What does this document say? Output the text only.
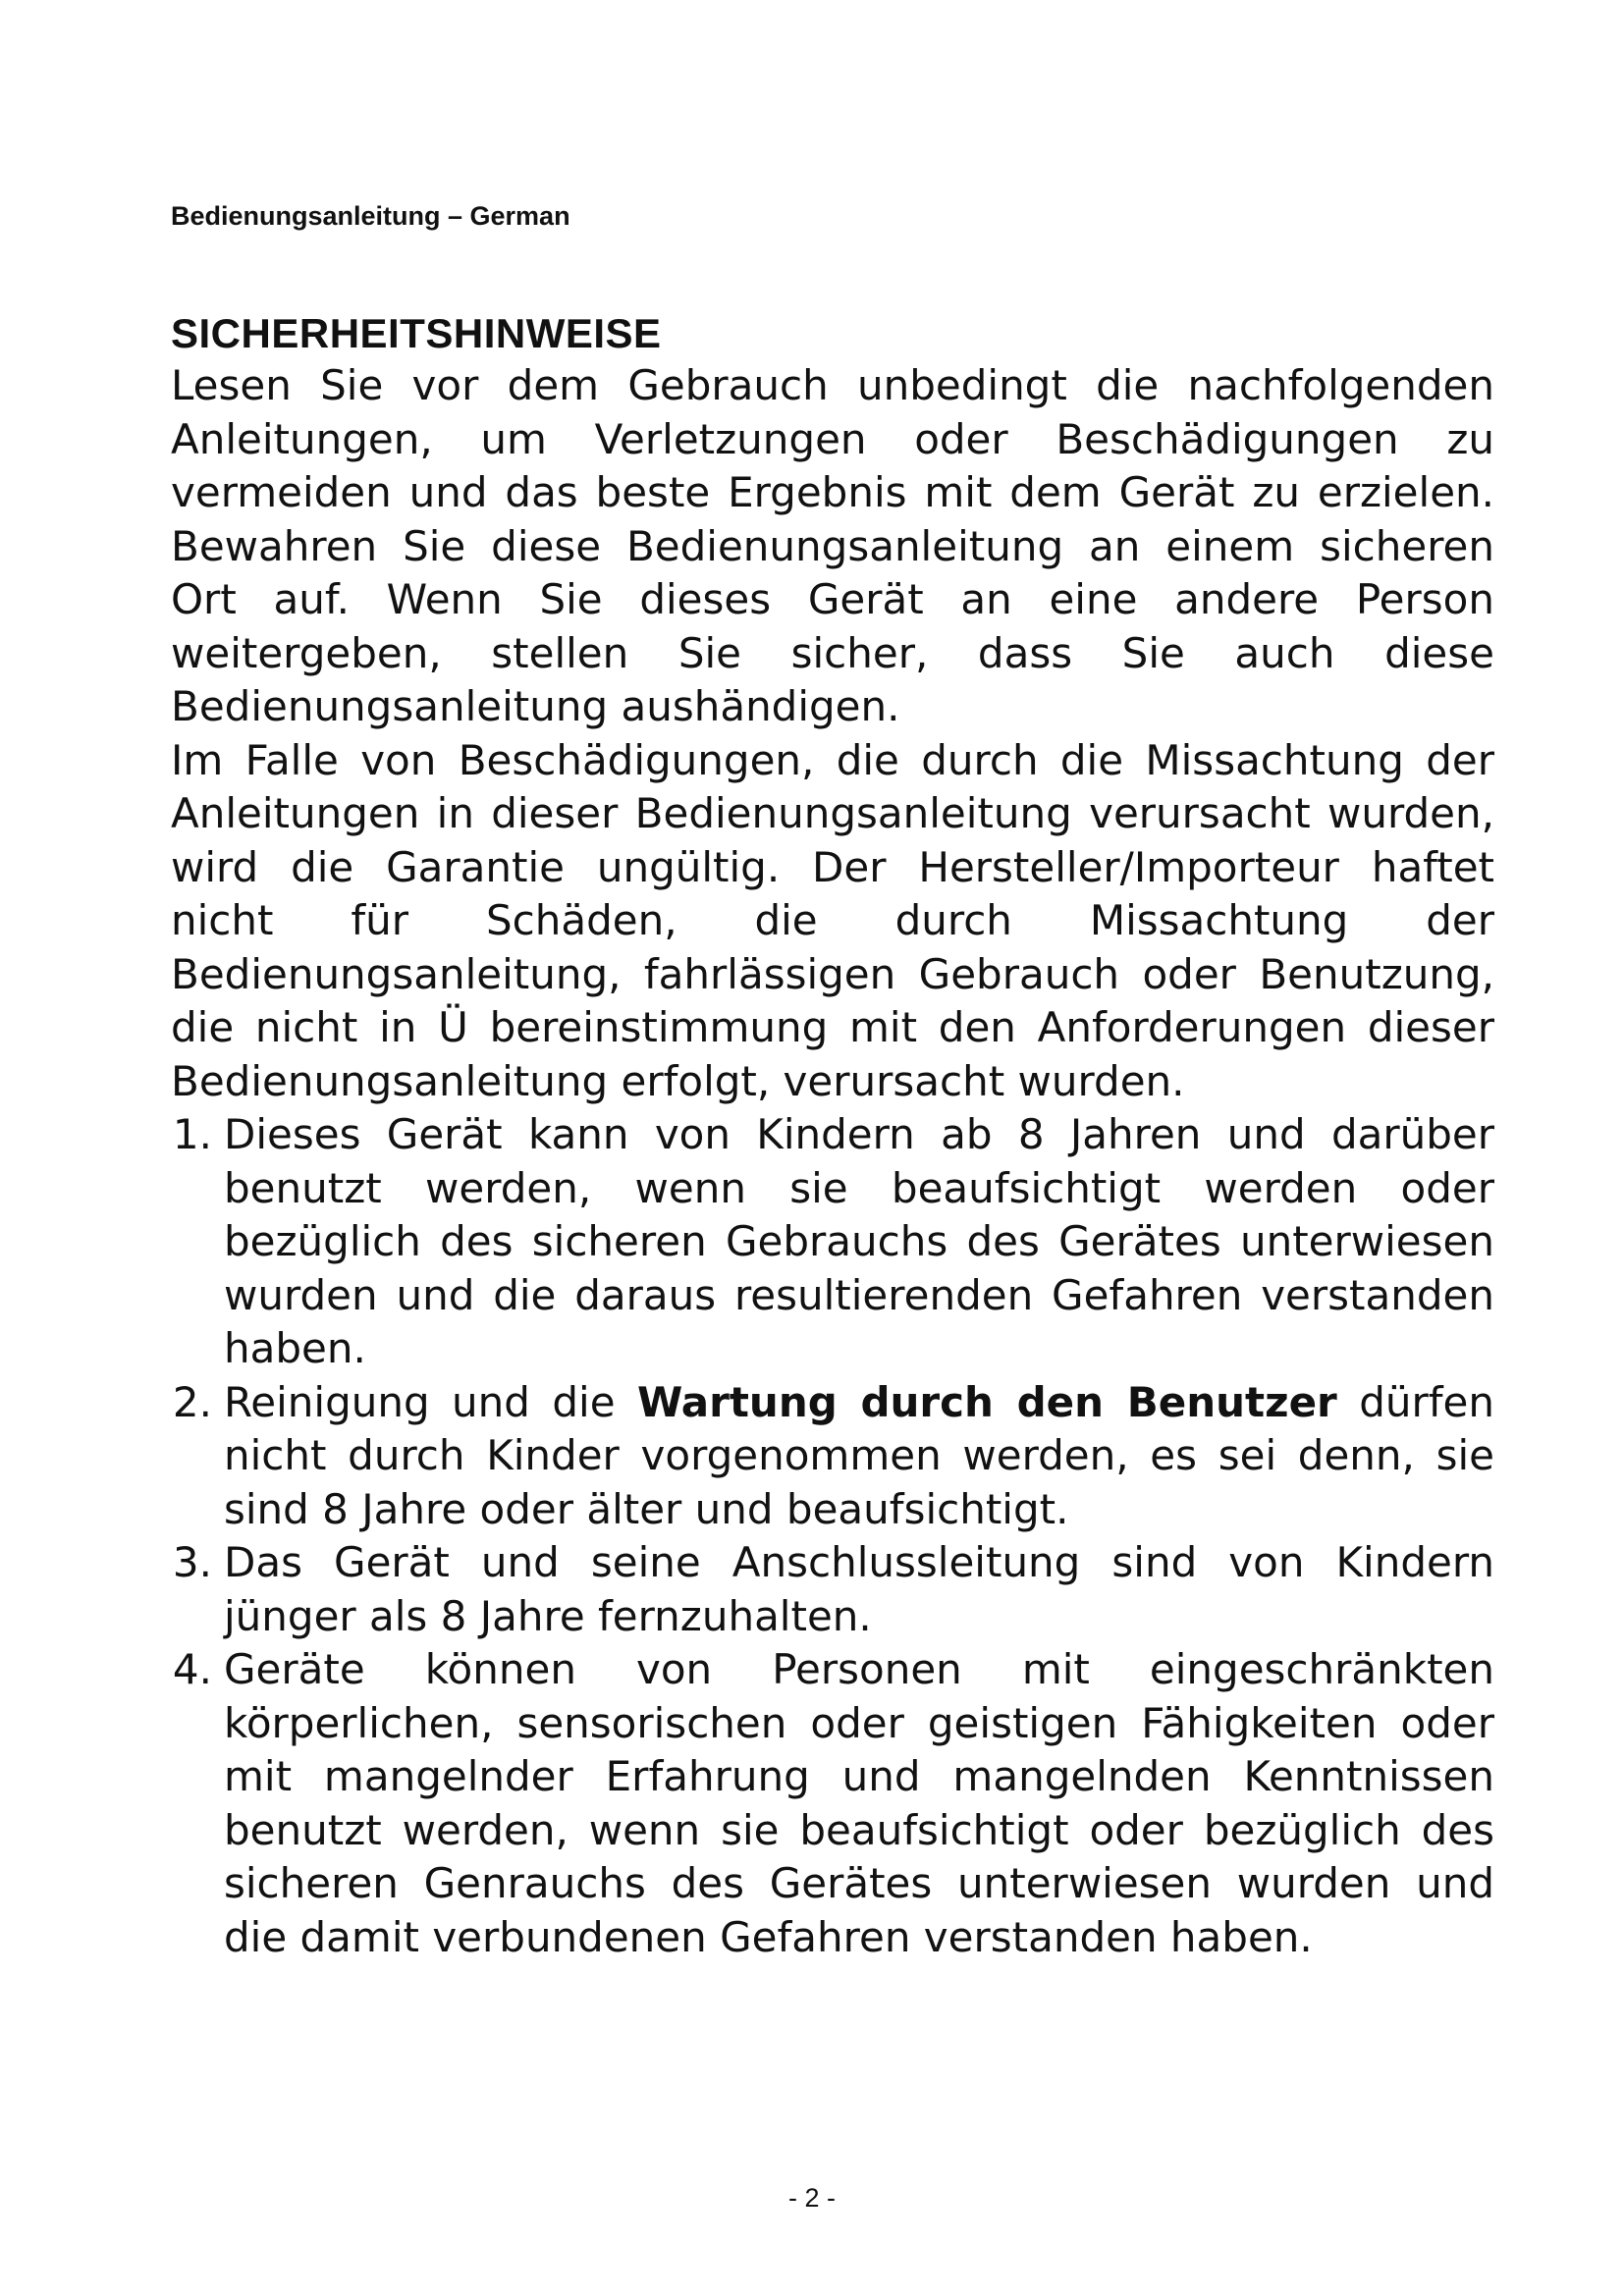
Bedienungsanleitung – German
SICHERHEITSHINWEISE

Lesen Sie vor dem Gebrauch unbedingt die nachfolgenden Anleitungen, um Verletzungen oder Beschädigungen zu vermeiden und das beste Ergebnis mit dem Gerät zu erzielen. Bewahren Sie diese Bedienungsanleitung an einem sicheren Ort auf. Wenn Sie dieses Gerät an eine andere Person weitergeben, stellen Sie sicher, dass Sie auch diese Bedienungsanleitung aushändigen.

Im Falle von Beschädigungen, die durch die Missachtung der Anleitungen in dieser Bedienungsanleitung verursacht wurden, wird die Garantie ungültig. Der Hersteller/Importeur haftet nicht für Schäden, die durch Missachtung der Bedienungsanleitung, fahrlässigen Gebrauch oder Benutzung, die nicht in Ü bereinstimmung mit den Anforderungen dieser Bedienungsanleitung erfolgt, verursacht wurden.

1. Dieses Gerät kann von Kindern ab 8 Jahren und darüber benutzt werden, wenn sie beaufsichtigt werden oder bezüglich des sicheren Gebrauchs des Gerätes unterwiesen wurden und die daraus resultierenden Gefahren verstanden haben.
2. Reinigung und die Wartung durch den Benutzer dürfen nicht durch Kinder vorgenommen werden, es sei denn, sie sind 8 Jahre oder älter und beaufsichtigt.
3. Das Gerät und seine Anschlussleitung sind von Kindern jünger als 8 Jahre fernzuhalten.
4. Geräte können von Personen mit eingeschränkten körperlichen, sensorischen oder geistigen Fähigkeiten oder mit mangelnder Erfahrung und mangelnden Kenntnissen benutzt werden, wenn sie beaufsichtigt oder bezüglich des sicheren Genrauchs des Gerätes unterwiesen wurden und die damit verbundenen Gefahren verstanden haben.
- 2 -
